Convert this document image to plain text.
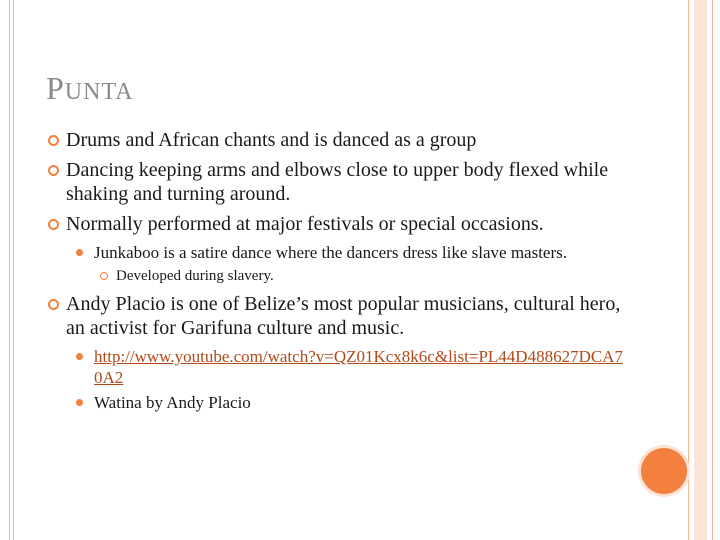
PUNTA
Drums and African chants and is danced as a group
Dancing keeping arms and elbows close to upper body flexed while shaking and turning around.
Normally performed at major festivals or special occasions.
Junkaboo is a satire dance where the dancers dress like slave masters.
Developed during slavery.
Andy Placio is one of Belize’s most popular musicians, cultural hero, an activist for Garifuna culture and music.
http://www.youtube.com/watch?v=QZ01Kcx8k6c&list=PL44D488627DCA70A2
Watina by Andy Placio
